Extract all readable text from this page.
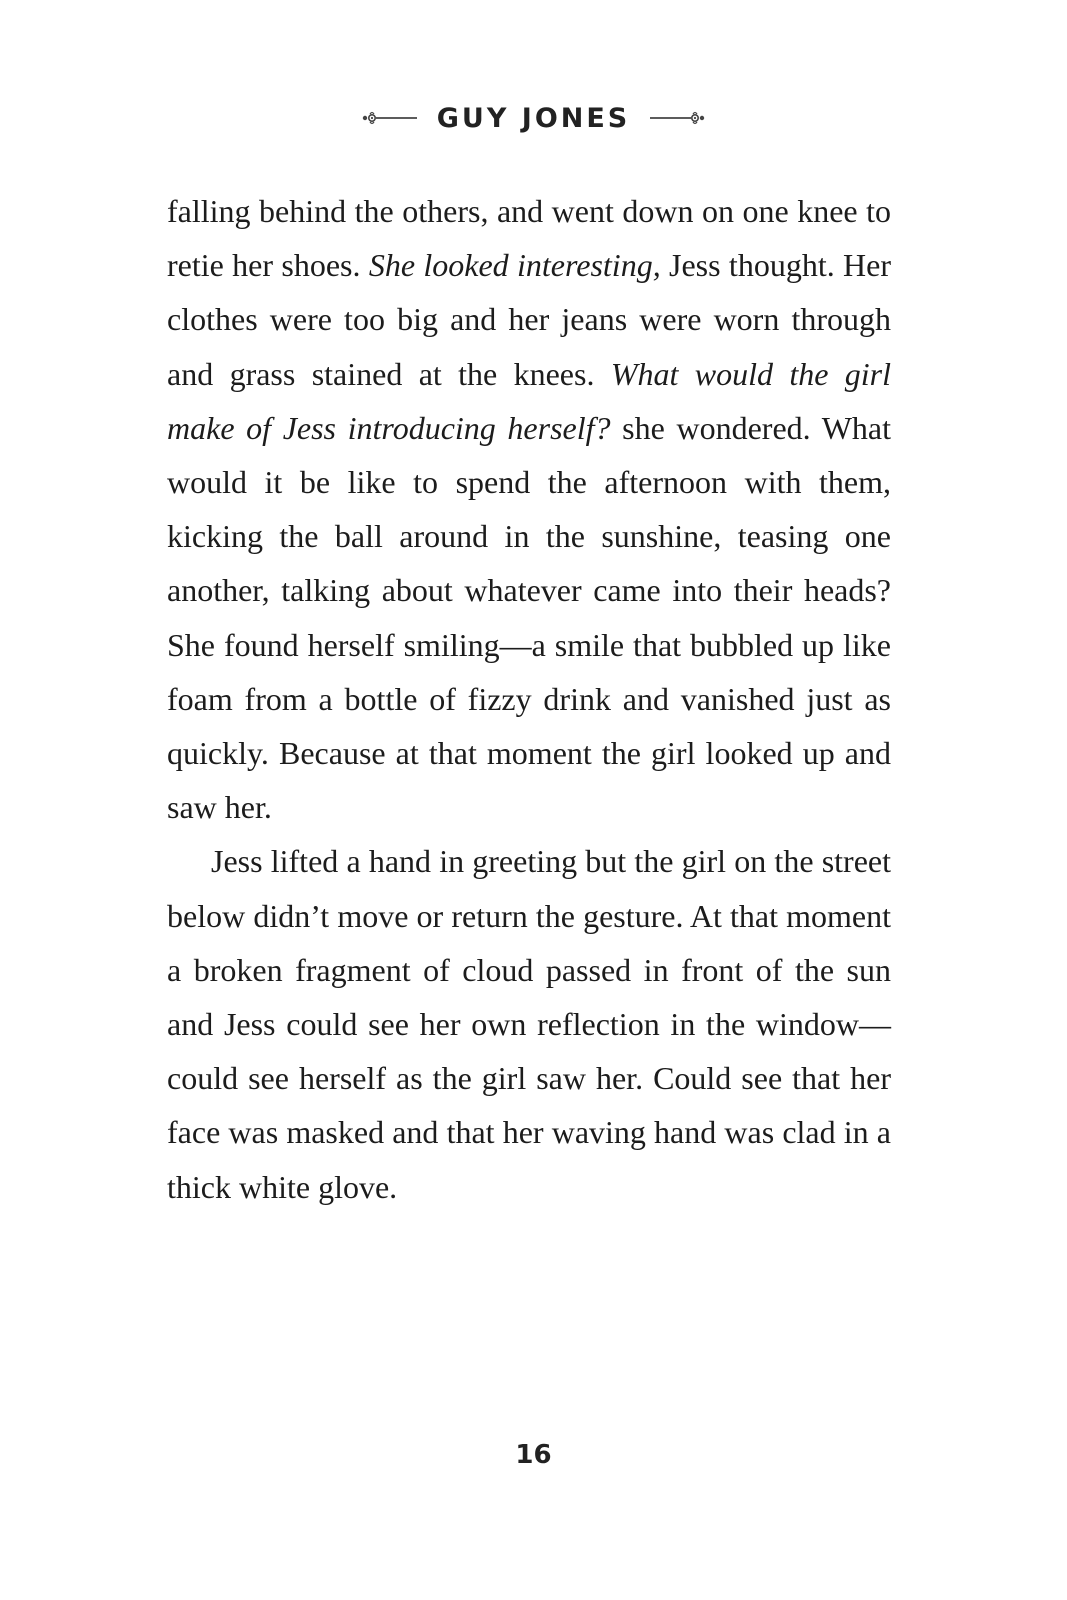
GUY JONES

falling behind the others, and went down on one knee to retie her shoes. She looked interesting, Jess thought. Her clothes were too big and her jeans were worn through and grass stained at the knees. What would the girl make of Jess introducing herself? she wondered. What would it be like to spend the afternoon with them, kicking the ball around in the sunshine, teasing one another, talking about whatever came into their heads? She found herself smiling—a smile that bubbled up like foam from a bottle of fizzy drink and vanished just as quickly. Because at that moment the girl looked up and saw her.

Jess lifted a hand in greeting but the girl on the street below didn’t move or return the gesture. At that moment a broken fragment of cloud passed in front of the sun and Jess could see her own reflection in the window—could see herself as the girl saw her. Could see that her face was masked and that her waving hand was clad in a thick white glove.

16
